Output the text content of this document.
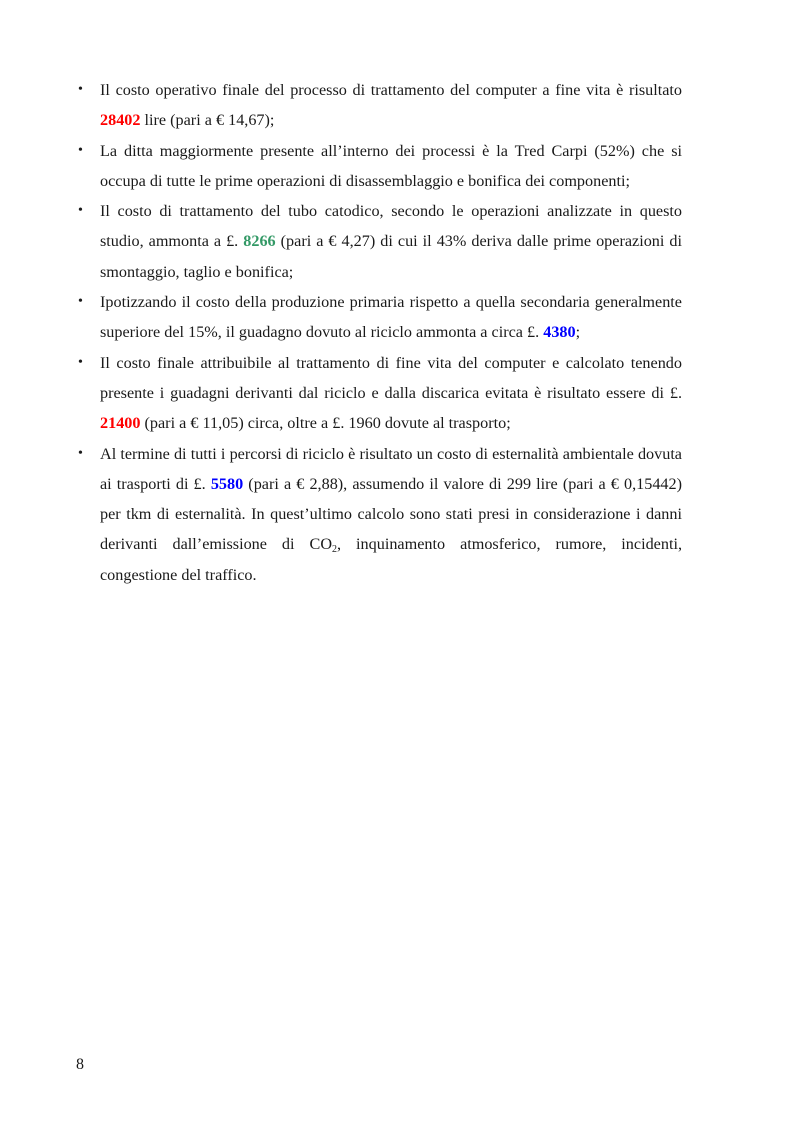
•	Il costo operativo finale del processo di trattamento del computer a fine vita è risultato 28402 lire (pari a € 14,67);
•	La ditta maggiormente presente all’interno dei processi è la Tred Carpi (52%) che si occupa di tutte le prime operazioni di disassemblaggio e bonifica dei componenti;
•	Il costo di trattamento del tubo catodico, secondo le operazioni analizzate in questo studio, ammonta a £. 8266 (pari a € 4,27) di cui il 43% deriva dalle prime operazioni di smontaggio, taglio e bonifica;
•	Ipotizzando il costo della produzione primaria rispetto a quella secondaria generalmente superiore del 15%, il guadagno dovuto al riciclo ammonta a circa £. 4380;
•	Il costo finale attribuibile al trattamento di fine vita del computer e calcolato tenendo presente i guadagni derivanti dal riciclo e dalla discarica evitata è risultato essere di £. 21400 (pari a € 11,05) circa, oltre a £. 1960 dovute al trasporto;
•	Al termine di tutti i percorsi di riciclo è risultato un costo di esternalità ambientale dovuta ai trasporti di £. 5580 (pari a € 2,88), assumendo il valore di 299 lire (pari a € 0,15442) per tkm di esternalità. In quest’ultimo calcolo sono stati presi in considerazione i danni derivanti dall’emissione di $CO_2$, inquinamento atmosferico, rumore, incidenti, congestione del traffico.
8
